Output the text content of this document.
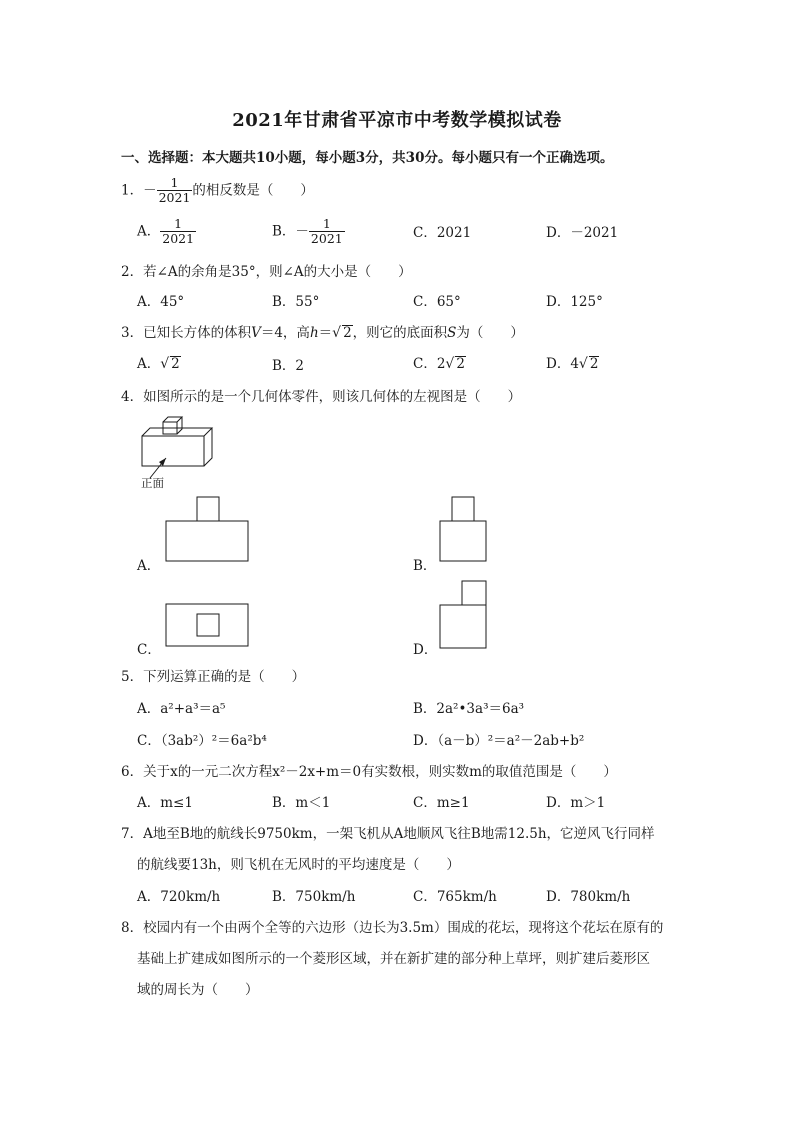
2021年甘肃省平凉市中考数学模拟试卷
一、选择题：本大题共10小题，每小题3分，共30分。每小题只有一个正确选项。
1．－ $\frac{1}{2021}$ 的相反数是（　　）
A． $\frac{1}{2021}$	B．－ $\frac{1}{2021}$	C．2021	D．－2021
2．若∠A的余角是35°，则∠A的大小是（　　）
A．45°	B．55°	C．65°	D．125°
3．已知长方体的体积V＝4，高h＝√ 2，则它的底面积S为（　　）
A．√ 2	B．2	C．2√ 2	D．4√ 2
4．如图所示的是一个几何体零件，则该几何体的左视图是（　　）
正面
A．	B．
C．	D．
5．下列运算正确的是（　　）
A．a²+a³＝a⁵	B．2a²•3a³＝6a³
C．（3ab²）²＝6a²b⁴	D．（a－b）²＝a²－2ab+b²
6．关于x的一元二次方程x²－2x+m＝0有实数根，则实数m的取值范围是（　　）
A．m≤1	B．m＜1	C．m≥1	D．m＞1
7．A地至B地的航线长9750km，一架飞机从A地顺风飞往B地需12.5h，它逆风飞行同样
的航线要13h，则飞机在无风时的平均速度是（　　）
A．720km/h	B．750km/h	C．765km/h	D．780km/h
8．校园内有一个由两个全等的六边形（边长为3.5m）围成的花坛，现将这个花坛在原有的
基础上扩建成如图所示的一个菱形区域，并在新扩建的部分种上草坪，则扩建后菱形区
域的周长为（　　）
